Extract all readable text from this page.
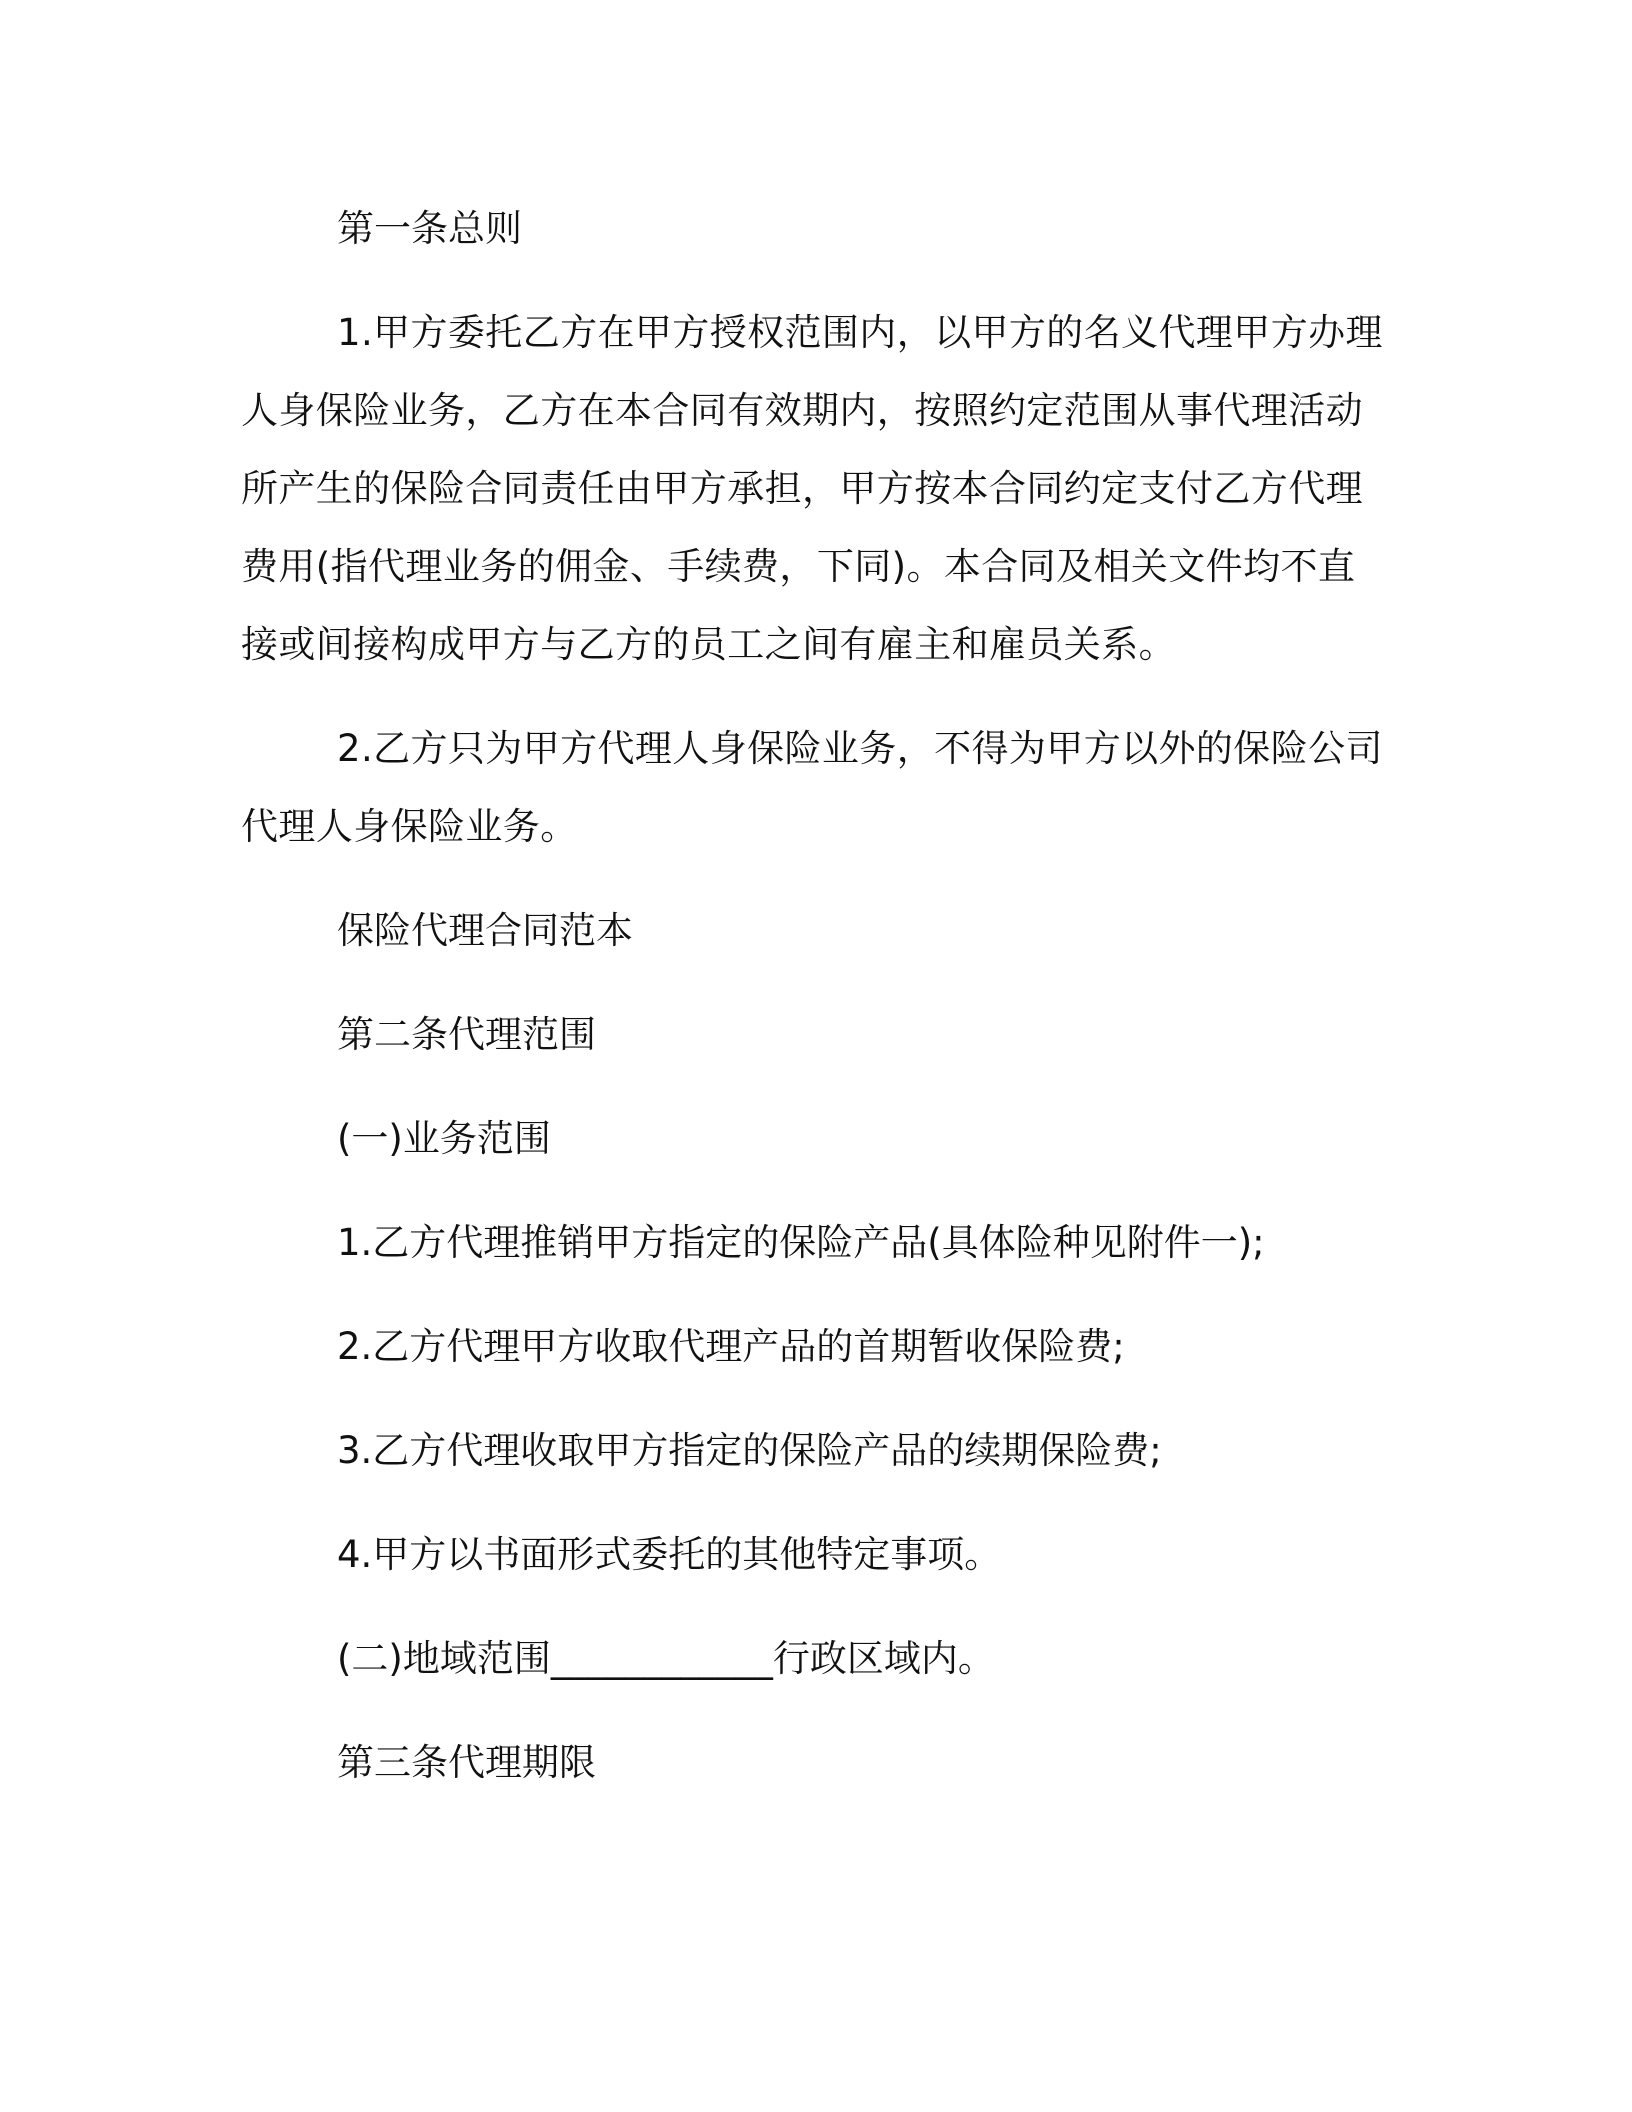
第一条总则

1.甲方委托乙方在甲方授权范围内，以甲方的名义代理甲方办理人身保险业务，乙方在本合同有效期内，按照约定范围从事代理活动所产生的保险合同责任由甲方承担，甲方按本合同约定支付乙方代理费用(指代理业务的佣金、手续费，下同)。本合同及相关文件均不直接或间接构成甲方与乙方的员工之间有雇主和雇员关系。

2.乙方只为甲方代理人身保险业务，不得为甲方以外的保险公司代理人身保险业务。

保险代理合同范本

第二条代理范围

(一)业务范围

1.乙方代理推销甲方指定的保险产品(具体险种见附件一);

2.乙方代理甲方收取代理产品的首期暂收保险费;

3.乙方代理收取甲方指定的保险产品的续期保险费;

4.甲方以书面形式委托的其他特定事项。

(二)地域范围____________行政区域内。

第三条代理期限
